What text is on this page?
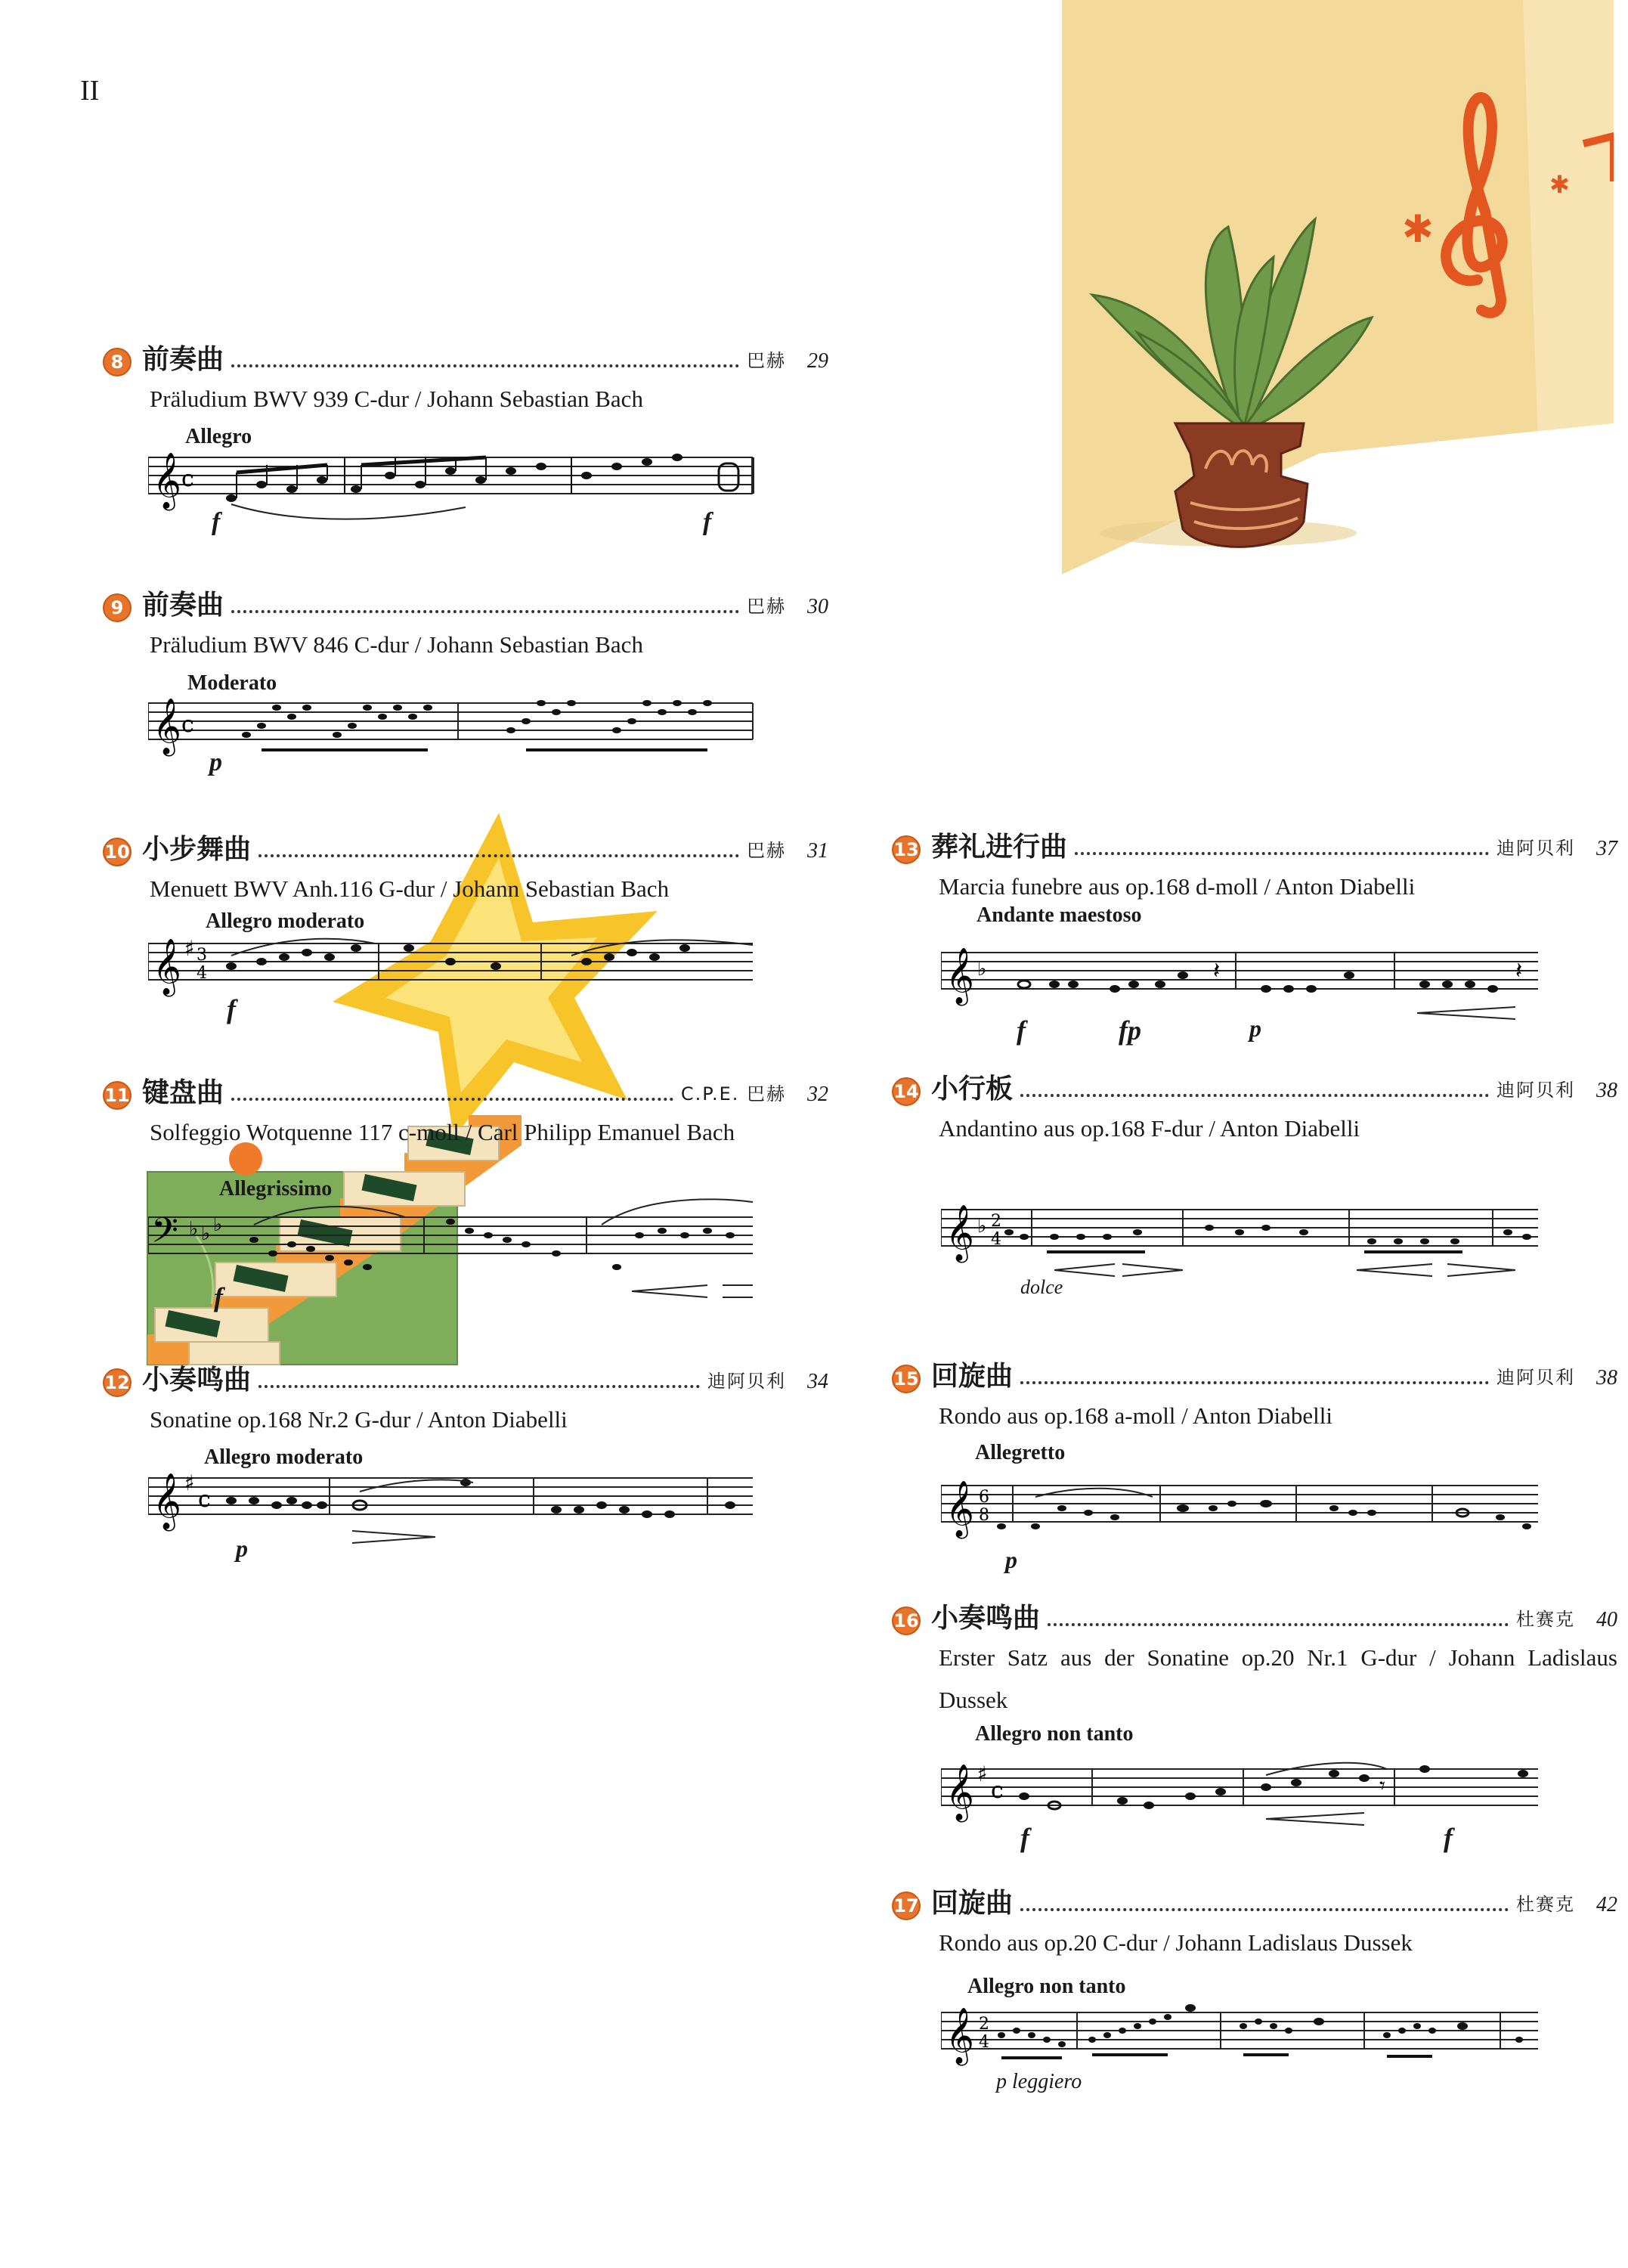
II
✱
✱
8 前奏曲	巴赫	29
Präludium BWV 939 C-dur / Johann Sebastian Bach
Allegro
𝄞 c
f	f
9 前奏曲	巴赫	30
Präludium BWV 846 C-dur / Johann Sebastian Bach
Moderato
𝄞 c
p
10 小步舞曲	巴赫	31
Menuett BWV Anh.116 G-dur / Johann Sebastian Bach
Allegro moderato
𝄞 ♯ 3
4
f
11 键盘曲	C.P.E. 巴赫	32
Solfeggio Wotquenne 117 c-moll / Carl Philipp Emanuel Bach
Allegrissimo
𝄢 ♭ ♭ ♭
f
12 小奏鸣曲	迪阿贝利	34
Sonatine op.168 Nr.2 G-dur / Anton Diabelli
Allegro moderato
𝄞 ♯
c
p
13 葬礼进行曲	迪阿贝利	37
Marcia funebre aus op.168 d-moll / Anton Diabelli
Andante maestoso
𝄞 ♭	𝄽	𝄽
f	fp	p
14 小行板	迪阿贝利	38
Andantino aus op.168 F-dur / Anton Diabelli
𝄞 ♭ 2
4
dolce
15 回旋曲	迪阿贝利	38
Rondo aus op.168 a-moll / Anton Diabelli
Allegretto
𝄞 6
8
p
16 小奏鸣曲	杜赛克	40
Erster Satz aus der Sonatine op.20 Nr.1 G-dur / Johann Ladislaus Dussek
Allegro non tanto
𝄞 ♯
c	𝄾
f	f
17 回旋曲	杜赛克	42
Rondo aus op.20 C-dur / Johann Ladislaus Dussek
Allegro non tanto
𝄞 2
4
p leggiero
